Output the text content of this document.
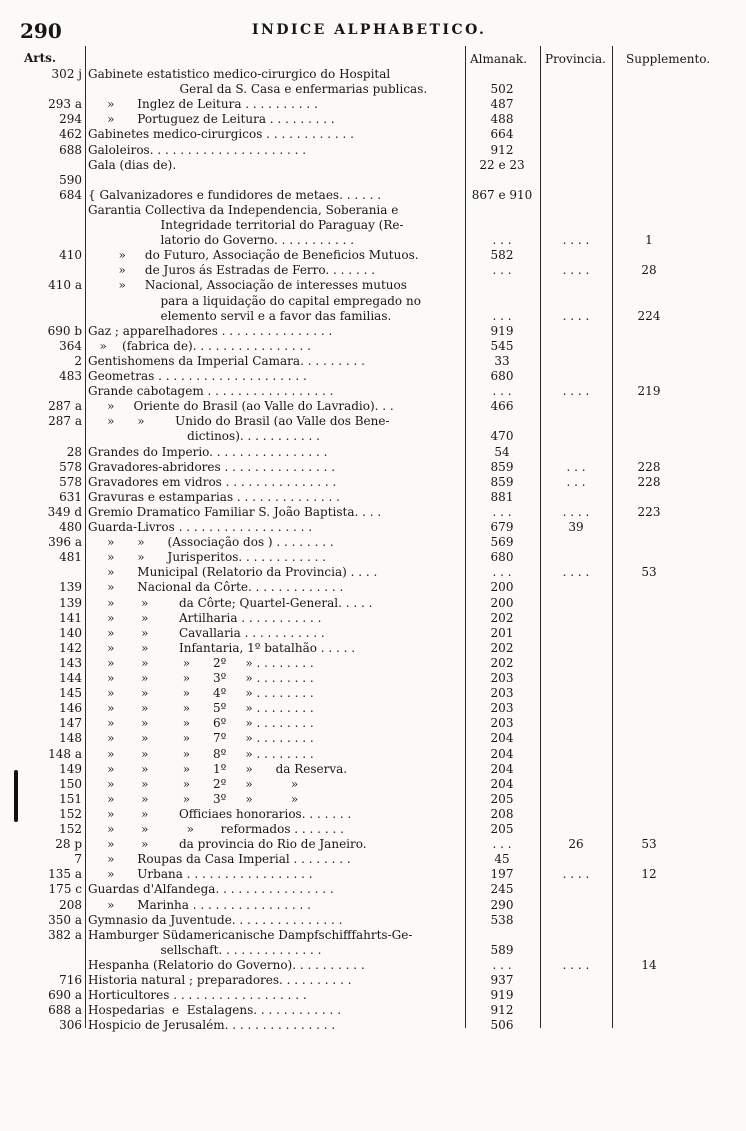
290	INDICE ALPHABETICO.
Arts.	Almanak. Provincia. Supplemento.
302 j Gabinete estatistico medico-cirurgico do Hospital
Geral da S. Casa e enfermarias publicas.	502
293 a »      Inglez de Leitura . . . . . . . . . .	487
294 »      Portuguez de Leitura . . . . . . . . .	488
462 Gabinetes medico-cirurgicos . . . . . . . . . . . .	664
688 Galoleiros. . . . . . . . . . . . . . . . . . . . .	912
Gala (dias de).	22 e 23
590
684 { Galvanizadores e fundidores de metaes. . . . . .	867 e 910
Garantia Collectiva da Independencia, Soberania e
Integridade territorial do Paraguay (Re-
latorio do Governo. . . . . . . . . . .	. . .	. . . .	1
410 »     do Futuro, Associação de Beneficios Mutuos.	582
»     de Juros ás Estradas de Ferro. . . . . . .	. . .	. . . .	28
410 a »     Nacional, Associação de interesses mutuos
para a liquidação do capital empregado no
elemento servil e a favor das familias.	. . .	. . . .	224
690 b Gaz ; apparelhadores . . . . . . . . . . . . . . .	919
364 »    (fabrica de). . . . . . . . . . . . . . . .	545
2 Gentishomens da Imperial Camara. . . . . . . . .	33
483 Geometras . . . . . . . . . . . . . . . . . . . .	680
Grande cabotagem . . . . . . . . . . . . . . . . .	. . .	. . . .	219
287 a »     Oriente do Brasil (ao Valle do Lavradio). . .	466
287 a »      »        Unido do Brasil (ao Valle dos Bene-
dictinos). . . . . . . . . . .	470
28 Grandes do Imperio. . . . . . . . . . . . . . . .	54
578 Gravadores-abridores . . . . . . . . . . . . . . .	859	. . .	228
578 Gravadores em vidros . . . . . . . . . . . . . . .	859	. . .	228
631 Gravuras e estamparias . . . . . . . . . . . . . .	881
349 d Gremio Dramatico Familiar S. João Baptista. . . .	. . .	. . . .	223
480 Guarda-Livros . . . . . . . . . . . . . . . . . .	679	39
396 a »      »      (Associação dos ) . . . . . . . .	569
481 »      »      Jurisperitos. . . . . . . . . . . .	680
»      Municipal (Relatorio da Provincia) . . . .	. . .	. . . .	53
139 »      Nacional da Côrte. . . . . . . . . . . . .	200
139 »       »        da Côrte; Quartel-General. . . . .	200
141 »       »        Artilharia . . . . . . . . . . .	202
140 »       »        Cavallaria . . . . . . . . . . .	201
142 »       »        Infantaria, 1º batalhão . . . . .	202
143 »       »         »      2º     » . . . . . . . .	202
144 »       »         »      3º     » . . . . . . . .	203
145 »       »         »      4º     » . . . . . . . .	203
146 »       »         »      5º     » . . . . . . . .	203
147 »       »         »      6º     » . . . . . . . .	203
148 »       »         »      7º     » . . . . . . . .	204
148 a »       »         »      8º     » . . . . . . . .	204
149 »       »         »      1º     »      da Reserva.	204
150 »       »         »      2º     »          »	204
151 »       »         »      3º     »          »	205
152 »       »        Officiaes honorarios. . . . . . .	208
152 »       »          »       reformados . . . . . . .	205
28 p »       »        da provincia do Rio de Janeiro.	. . .	26	53
7 »      Roupas da Casa Imperial . . . . . . . .	45
135 a »      Urbana . . . . . . . . . . . . . . . . .	197	. . . .	12
175 c Guardas d'Alfandega. . . . . . . . . . . . . . . .	245
208 »      Marinha . . . . . . . . . . . . . . . .	290
350 a Gymnasio da Juventude. . . . . . . . . . . . . . .	538
382 a Hamburger Südamericanische Dampfschifffahrts-Ge-
sellschaft. . . . . . . . . . . . . .	589
Hespanha (Relatorio do Governo). . . . . . . . . .	. . .	. . . .	14
716 Historia natural ; preparadores. . . . . . . . . .	937
690 a Horticultores . . . . . . . . . . . . . . . . . .	919
688 a Hospedarias  e  Estalagens. . . . . . . . . . . .	912
306 Hospicio de Jerusalém. . . . . . . . . . . . . . .	506
